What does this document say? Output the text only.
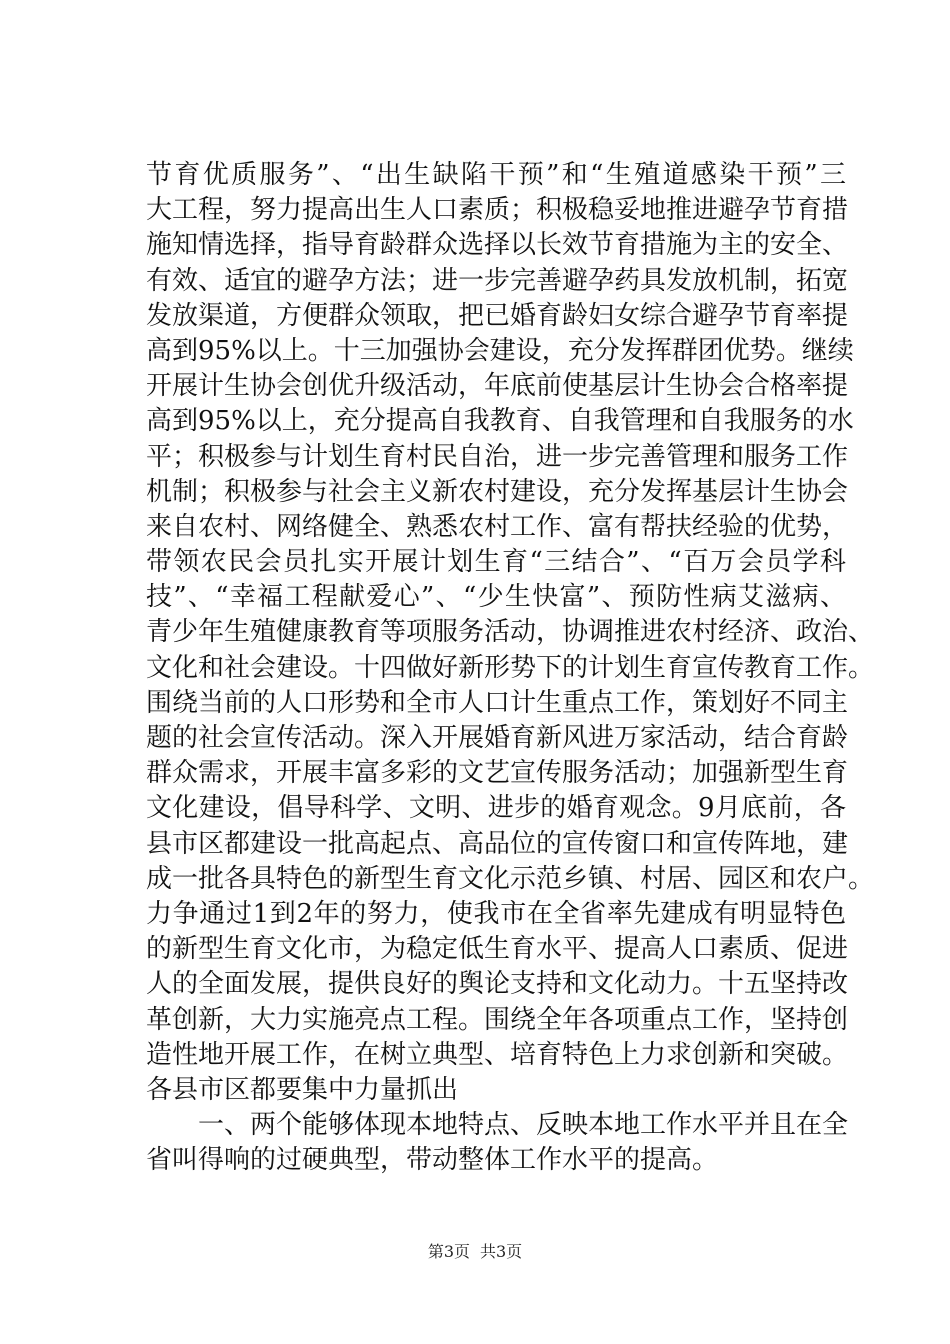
节育优质服务”、“出生缺陷干预”和“生殖道感染干预”三
大工程，努力提高出生人口素质；积极稳妥地推进避孕节育措
施知情选择，指导育龄群众选择以长效节育措施为主的安全、
有效、适宜的避孕方法；进一步完善避孕药具发放机制，拓宽
发放渠道，方便群众领取，把已婚育龄妇女综合避孕节育率提
高到95%以上。十三加强协会建设，充分发挥群团优势。继续
开展计生协会创优升级活动，年底前使基层计生协会合格率提
高到95%以上，充分提高自我教育、自我管理和自我服务的水
平；积极参与计划生育村民自治，进一步完善管理和服务工作
机制；积极参与社会主义新农村建设，充分发挥基层计生协会
来自农村、网络健全、熟悉农村工作、富有帮扶经验的优势，
带领农民会员扎实开展计划生育“三结合”、“百万会员学科
技”、“幸福工程献爱心”、“少生快富”、预防性病艾滋病、
青少年生殖健康教育等项服务活动，协调推进农村经济、政治、
文化和社会建设。十四做好新形势下的计划生育宣传教育工作。
围绕当前的人口形势和全市人口计生重点工作，策划好不同主
题的社会宣传活动。深入开展婚育新风进万家活动，结合育龄
群众需求，开展丰富多彩的文艺宣传服务活动；加强新型生育
文化建设，倡导科学、文明、进步的婚育观念。9月底前，各
县市区都建设一批高起点、高品位的宣传窗口和宣传阵地，建
成一批各具特色的新型生育文化示范乡镇、村居、园区和农户。
力争通过1到2年的努力，使我市在全省率先建成有明显特色
的新型生育文化市，为稳定低生育水平、提高人口素质、促进
人的全面发展，提供良好的舆论支持和文化动力。十五坚持改
革创新，大力实施亮点工程。围绕全年各项重点工作，坚持创
造性地开展工作，在树立典型、培育特色上力求创新和突破。
各县市区都要集中力量抓出
一、两个能够体现本地特点、反映本地工作水平并且在全
省叫得响的过硬典型，带动整体工作水平的提高。
第3页 共3页
